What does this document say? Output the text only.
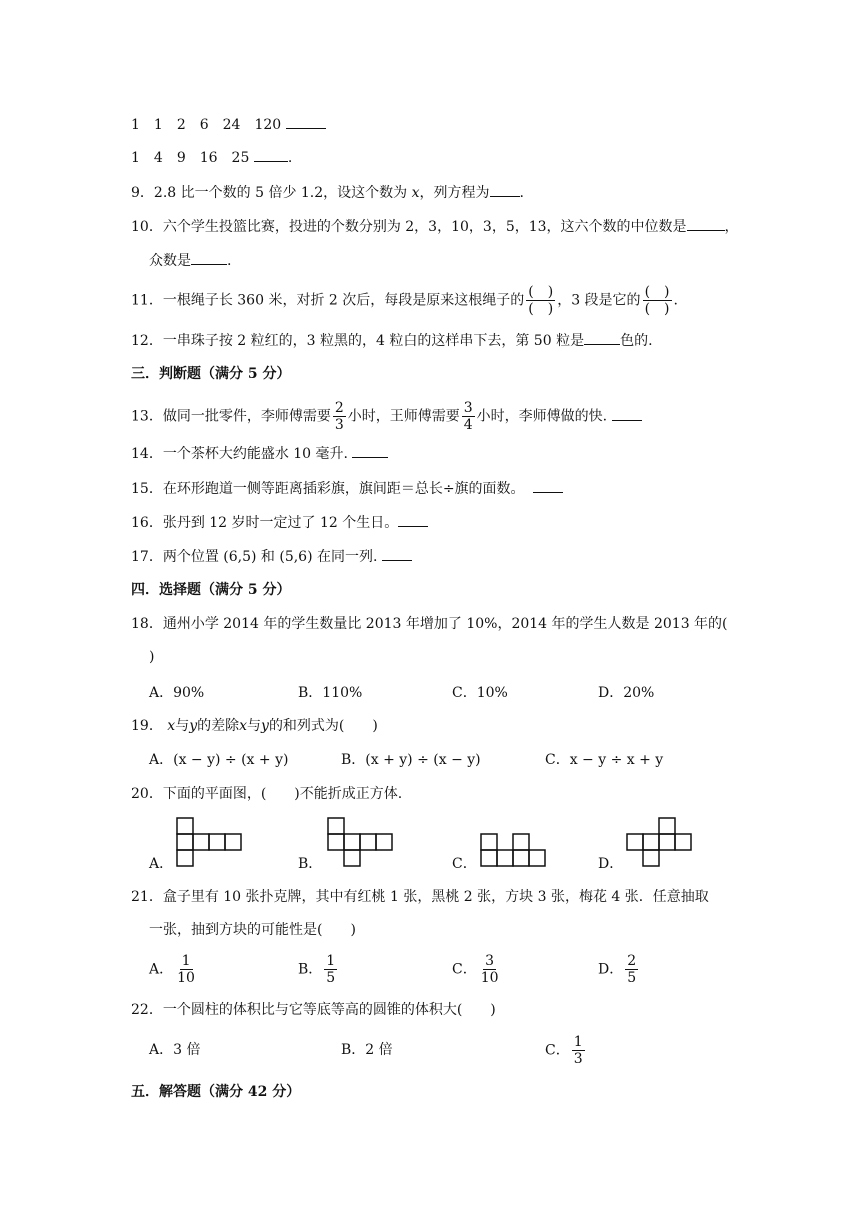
1　1　2　6　24　120
1　4　9　16　25	.
9．2.8 比一个数的 5 倍少 1.2，设这个数为 x，列方程为 .
10．六个学生投篮比赛，投进的个数分别为 2，3，10，3，5，13，这六个数的中位数是	，
众数是	.
11．一根绳子长 360 米，对折 2 次后，每段是原来这根绳子的 $\frac{( )}{( )}$ ，3 段是它的 $\frac{( )}{( )}$ .
12．一串珠子按 2 粒红的，3 粒黑的，4 粒白的这样串下去，第 50 粒是	色的.
三．判断题（满分 5 分）
13．做同一批零件，李师傅需要 $\frac{2}{3}$ 小时，王师傅需要 $\frac{3}{4}$ 小时，李师傅做的快.
14．一个茶杯大约能盛水 10 毫升.
15．在环形跑道一侧等距离插彩旗，旗间距＝总长÷旗的面数。
16．张丹到 12 岁时一定过了 12 个生日。
17．两个位置 (6,5) 和 (5,6) 在同一列.
四．选择题（满分 5 分）
18．通州小学 2014 年的学生数量比 2013 年增加了 10%，2014 年的学生人数是 2013 年的(
)
A．90%	B．110%	C．10%	D．20%
19． x与y的差除x与y的和列式为(　　)
A．(x − y) ÷ (x + y)	B．(x + y) ÷ (x − y)	C．x − y ÷ x + y
20．下面的平面图，(　　)不能折成正方体.
A．	B．	C．	D．
21．盒子里有 10 张扑克牌，其中有红桃 1 张，黑桃 2 张，方块 3 张，梅花 4 张．任意抽取
一张，抽到方块的可能性是(　　)
A． $\frac{1}{10}$	B． $\frac{1}{5}$	C． $\frac{3}{10}$	D． $\frac{2}{5}$
22．一个圆柱的体积比与它等底等高的圆锥的体积大(　　)
A．3 倍	B．2 倍	C． $\frac{1}{3}$
五．解答题（满分 42 分）
